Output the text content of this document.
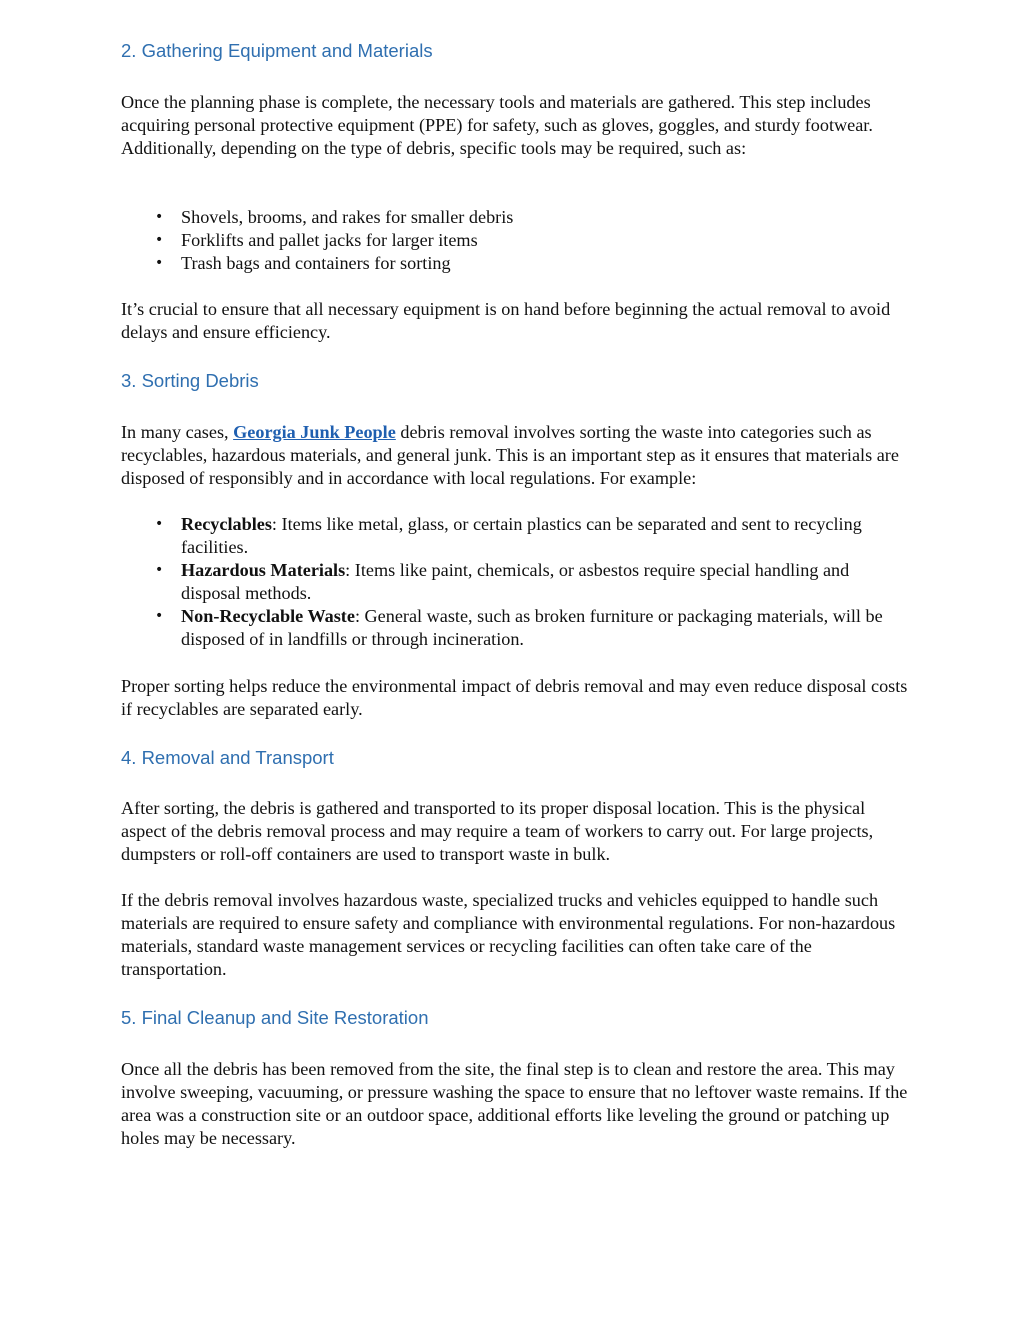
2. Gathering Equipment and Materials

Once the planning phase is complete, the necessary tools and materials are gathered. This step includes acquiring personal protective equipment (PPE) for safety, such as gloves, goggles, and sturdy footwear. Additionally, depending on the type of debris, specific tools may be required, such as:

• Shovels, brooms, and rakes for smaller debris
• Forklifts and pallet jacks for larger items
• Trash bags and containers for sorting

It’s crucial to ensure that all necessary equipment is on hand before beginning the actual removal to avoid delays and ensure efficiency.

3. Sorting Debris

In many cases, Georgia Junk People debris removal involves sorting the waste into categories such as recyclables, hazardous materials, and general junk. This is an important step as it ensures that materials are disposed of responsibly and in accordance with local regulations. For example:

• Recyclables: Items like metal, glass, or certain plastics can be separated and sent to recycling facilities.
• Hazardous Materials: Items like paint, chemicals, or asbestos require special handling and disposal methods.
• Non-Recyclable Waste: General waste, such as broken furniture or packaging materials, will be disposed of in landfills or through incineration.

Proper sorting helps reduce the environmental impact of debris removal and may even reduce disposal costs if recyclables are separated early.

4. Removal and Transport

After sorting, the debris is gathered and transported to its proper disposal location. This is the physical aspect of the debris removal process and may require a team of workers to carry out. For large projects, dumpsters or roll-off containers are used to transport waste in bulk.

If the debris removal involves hazardous waste, specialized trucks and vehicles equipped to handle such materials are required to ensure safety and compliance with environmental regulations. For non-hazardous materials, standard waste management services or recycling facilities can often take care of the transportation.

5. Final Cleanup and Site Restoration

Once all the debris has been removed from the site, the final step is to clean and restore the area. This may involve sweeping, vacuuming, or pressure washing the space to ensure that no leftover waste remains. If the area was a construction site or an outdoor space, additional efforts like leveling the ground or patching up holes may be necessary.
